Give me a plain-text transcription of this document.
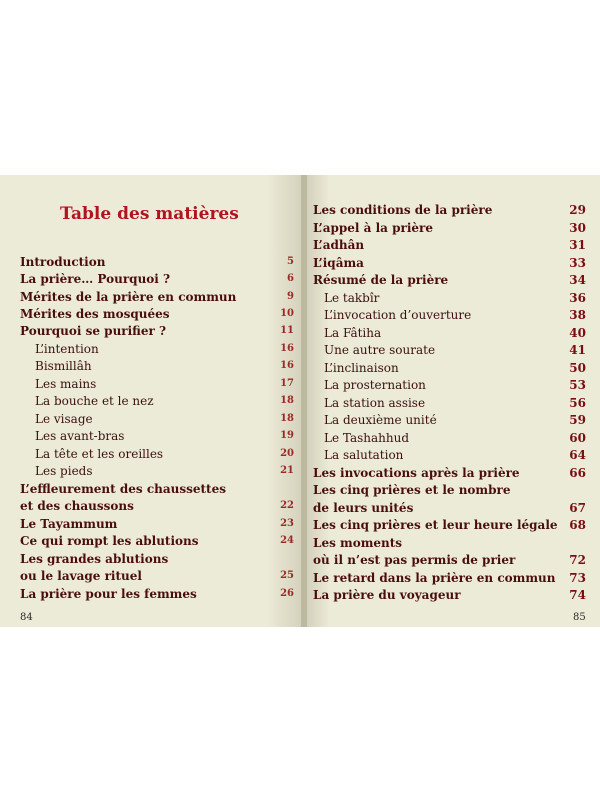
Table des matières
Introduction	5
La prière… Pourquoi ?	6
Mérites de la prière en commun	9
Mérites des mosquées	10
Pourquoi se purifier ?	11
L’intention	16
Bismillâh	16
Les mains	17
La bouche et le nez	18
Le visage	18
Les avant-bras	19
La tête et les oreilles	20
Les pieds	21
L’effleurement des chaussettes
et des chaussons	22
Le Tayammum	23
Ce qui rompt les ablutions	24
Les grandes ablutions
ou le lavage rituel	25
La prière pour les femmes	26
84
Les conditions de la prière	29
L’appel à la prière	30
L’adhân	31
L’iqâma	33
Résumé de la prière	34
Le takbîr	36
L’invocation d’ouverture	38
La Fâtiha	40
Une autre sourate	41
L’inclinaison	50
La prosternation	53
La station assise	56
La deuxième unité	59
Le Tashahhud	60
La salutation	64
Les invocations après la prière	66
Les cinq prières et le nombre
de leurs unités	67
Les cinq prières et leur heure légale 68
Les moments
où il n’est pas permis de prier	72
Le retard dans la prière en commun	73
La prière du voyageur	74
85
